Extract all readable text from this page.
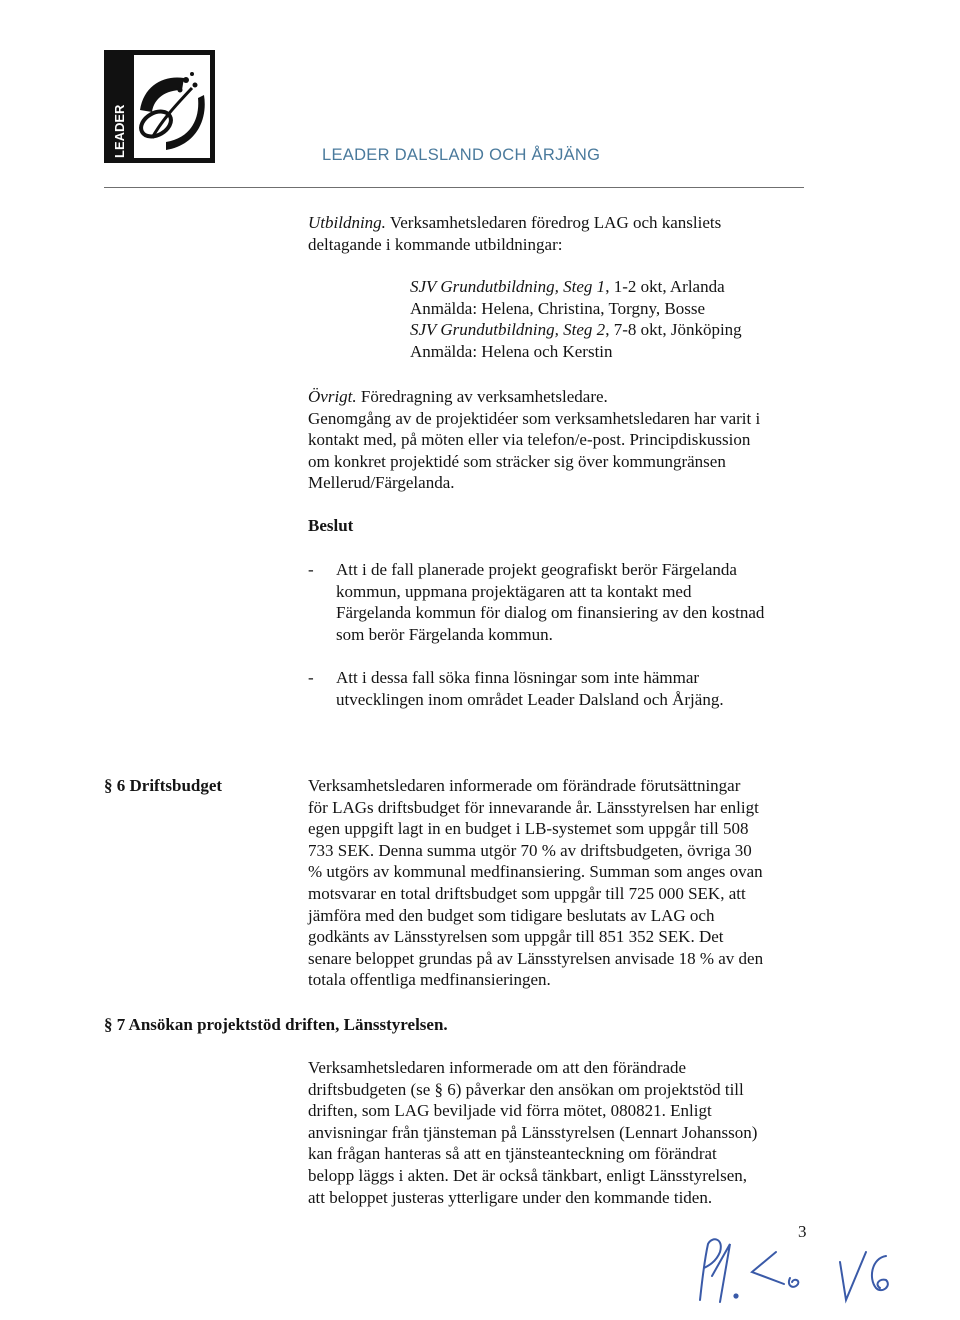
LEADER	LEADER DALSLAND OCH ÅRJÄNG

Utbildning. Verksamhetsledaren föredrog LAG och kansliets

deltagande i kommande utbildningar:

SJV Grundutbildning, Steg 1, 1-2 okt, Arlanda

Anmälda: Helena, Christina, Torgny, Bosse

SJV Grundutbildning, Steg 2, 7-8 okt, Jönköping

Anmälda: Helena och Kerstin

Övrigt. Föredragning av verksamhetsledare.

Genomgång av de projektidéer som verksamhetsledaren har varit i

kontakt med, på möten eller via telefon/e-post. Principdiskussion

om konkret projektidé som sträcker sig över kommungränsen

Mellerud/Färgelanda.

Beslut
- Att i de fall planerade projekt geografiskt berör Färgelanda

kommun, uppmana projektägaren att ta kontakt med

Färgelanda kommun för dialog om finansiering av den kostnad

som berör Färgelanda kommun.

- Att i dessa fall söka finna lösningar som inte hämmar

utvecklingen inom området Leader Dalsland och Årjäng.

§ 6 Driftsbudget	Verksamhetsledaren informerade om förändrade förutsättningar

för LAGs driftsbudget för innevarande år. Länsstyrelsen har enligt

egen uppgift lagt in en budget i LB-systemet som uppgår till 508

733 SEK. Denna summa utgör 70 % av driftsbudgeten, övriga 30

% utgörs av kommunal medfinansiering. Summan som anges ovan

motsvarar en total driftsbudget som uppgår till 725 000 SEK, att

jämföra med den budget som tidigare beslutats av LAG och

godkänts av Länsstyrelsen som uppgår till 851 352 SEK. Det

senare beloppet grundas på av Länsstyrelsen anvisade 18 % av den

totala offentliga medfinansieringen.

§ 7 Ansökan projektstöd driften, Länsstyrelsen.

Verksamhetsledaren informerade om att den förändrade

driftsbudgeten (se § 6) påverkar den ansökan om projektstöd till

driften, som LAG beviljade vid förra mötet, 080821. Enligt

anvisningar från tjänsteman på Länsstyrelsen (Lennart Johansson)

kan frågan hanteras så att en tjänsteanteckning om förändrat

belopp läggs i akten. Det är också tänkbart, enligt Länsstyrelsen,

att beloppet justeras ytterligare under den kommande tiden.

3
